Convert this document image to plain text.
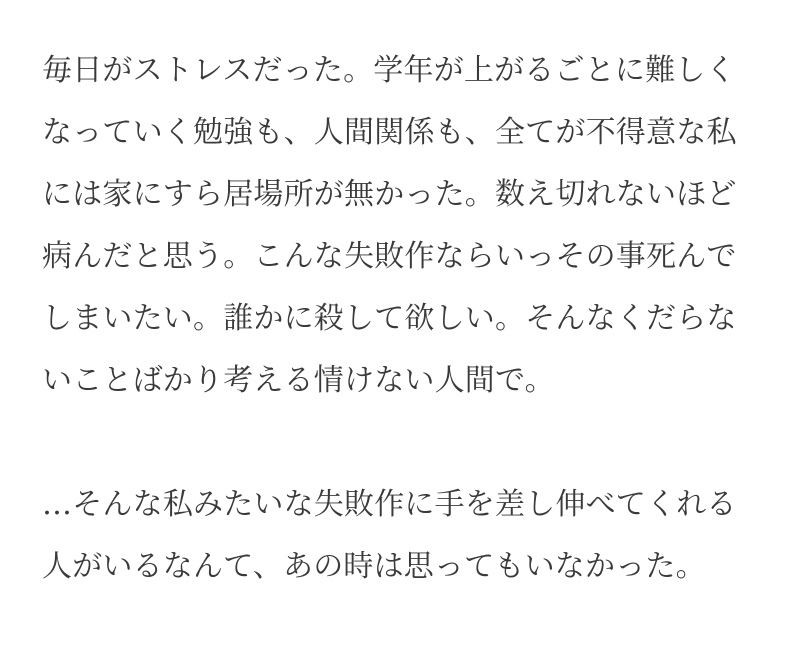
毎日がストレスだった。学年が上がるごとに難しく
なっていく勉強も、人間関係も、全てが不得意な私
には家にすら居場所が無かった。数え切れないほど
病んだと思う。こんな失敗作ならいっその事死んで
しまいたい。誰かに殺して欲しい。そんなくだらな
いことばかり考える情けない人間で。

…そんな私みたいな失敗作に手を差し伸べてくれる
人がいるなんて、あの時は思ってもいなかった。
